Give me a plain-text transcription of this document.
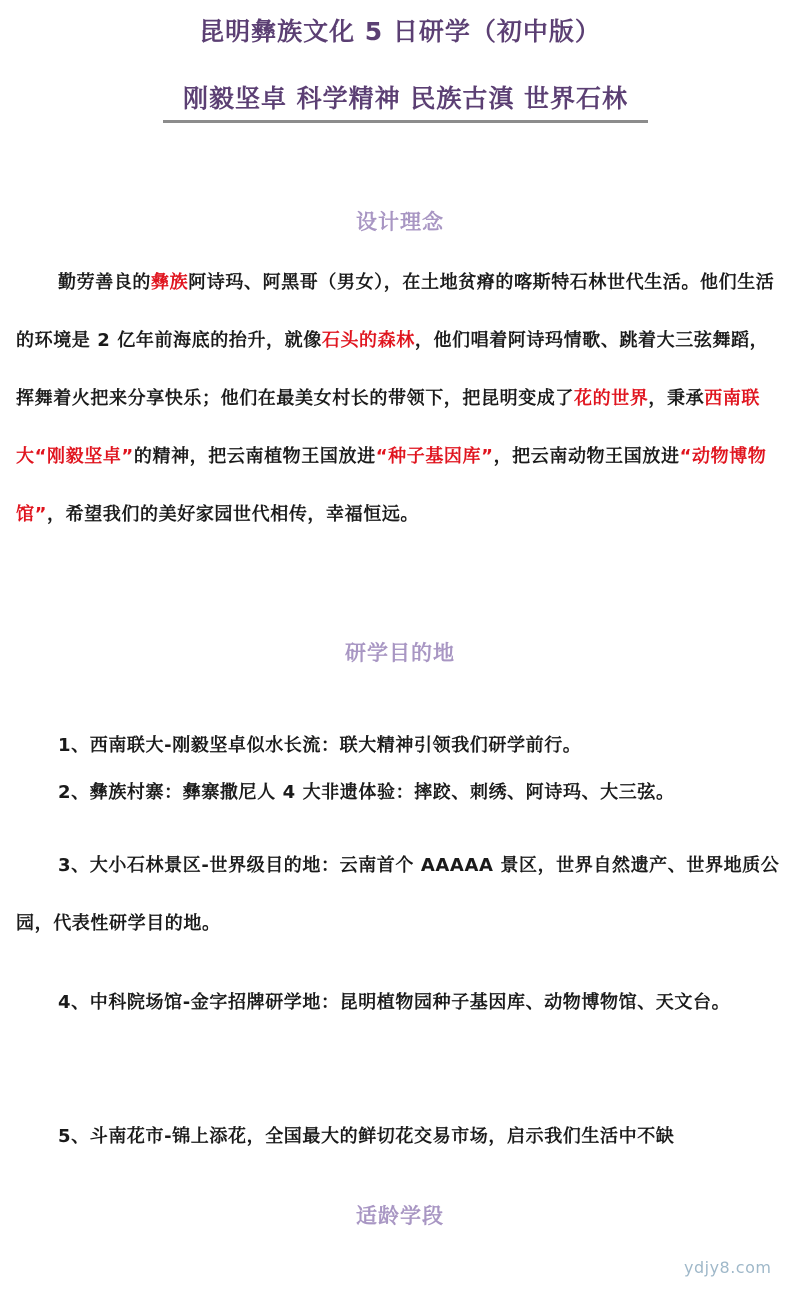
昆明彝族文化 5 日研学（初中版）
刚毅坚卓 科学精神 民族古滇 世界石林
设计理念

勤劳善良的彝族阿诗玛、阿黑哥（男女），在土地贫瘠的喀斯特石林世代生活。他们生活的环境是 2 亿年前海底的抬升，就像石头的森林，他们唱着阿诗玛情歌、跳着大三弦舞蹈，挥舞着火把来分享快乐；他们在最美女村长的带领下，把昆明变成了花的世界，秉承西南联大“刚毅坚卓”的精神，把云南植物王国放进“种子基因库”，把云南动物王国放进“动物博物馆”，希望我们的美好家园世代相传，幸福恒远。

研学目的地

1、西南联大-刚毅坚卓似水长流：联大精神引领我们研学前行。

2、彝族村寨：彝寨撒尼人 4 大非遗体验：摔跤、刺绣、阿诗玛、大三弦。

3、大小石林景区-世界级目的地：云南首个 AAAAA 景区，世界自然遗产、世界地质公园，代表性研学目的地。

4、中科院场馆-金字招牌研学地：昆明植物园种子基因库、动物博物馆、天文台。

5、斗南花市-锦上添花，全国最大的鲜切花交易市场，启示我们生活中不缺

适龄学段
ydjy8.com
